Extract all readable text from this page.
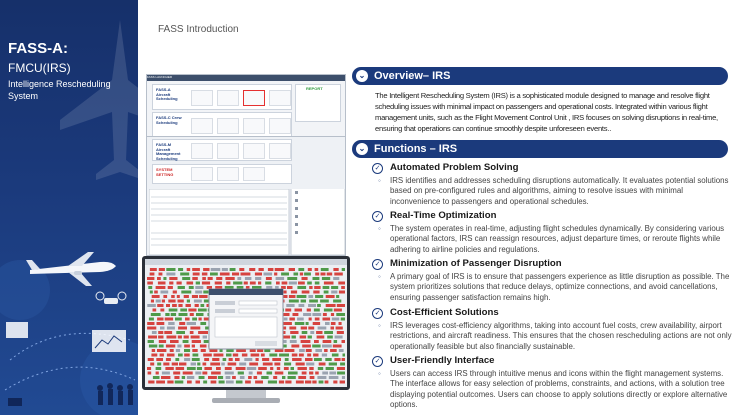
FASS-A:
FMCU(IRS)
Intelligence Rescheduling System
FASS Introduction
FASS LAUNCHER
FASS-A Aircraft Scheduling
FASS-C Crew Scheduling
REPORT
FASS-M Aircraft Management Scheduling
SYSTEM SETTING
⌄ Overview– IRS
The Intelligent Rescheduling System (IRS) is a sophisticated module designed to manage and resolve flight scheduling issues with minimal impact on passengers and operational costs. Integrated within various flight management units, such as the Flight Movement Control Unit , IRS focuses on solving disruptions in real-time, ensuring that operations can continue smoothly despite unforeseen events..
⌄ Functions – IRS
✓ Automated Problem Solving
◦ IRS identifies and addresses scheduling disruptions automatically. It evaluates potential solutions based on pre-configured rules and algorithms, aiming to resolve issues with minimal inconvenience to passengers and operational schedules.
✓ Real-Time Optimization
◦ The system operates in real-time, adjusting flight schedules dynamically. By considering various operational factors, IRS can reassign resources, adjust departure times, or reroute flights while adhering to airline policies and regulations.
✓ Minimization of Passenger Disruption
◦ A primary goal of IRS is to ensure that passengers experience as little disruption as possible. The system prioritizes solutions that reduce delays, optimize connections, and avoid cancellations, ensuring passenger satisfaction remains high.
✓ Cost-Efficient Solutions
◦ IRS leverages cost-efficiency algorithms, taking into account fuel costs, crew availability, airport restrictions, and aircraft readiness. This ensures that the chosen rescheduling actions are not only operationally feasible but also financially sustainable.
✓ User-Friendly Interface
◦ Users can access IRS through intuitive menus and icons within the flight management systems. The interface allows for easy selection of problems, constraints, and actions, with a solution tree displaying potential outcomes. Users can choose to apply solutions directly or explore alternative options.
